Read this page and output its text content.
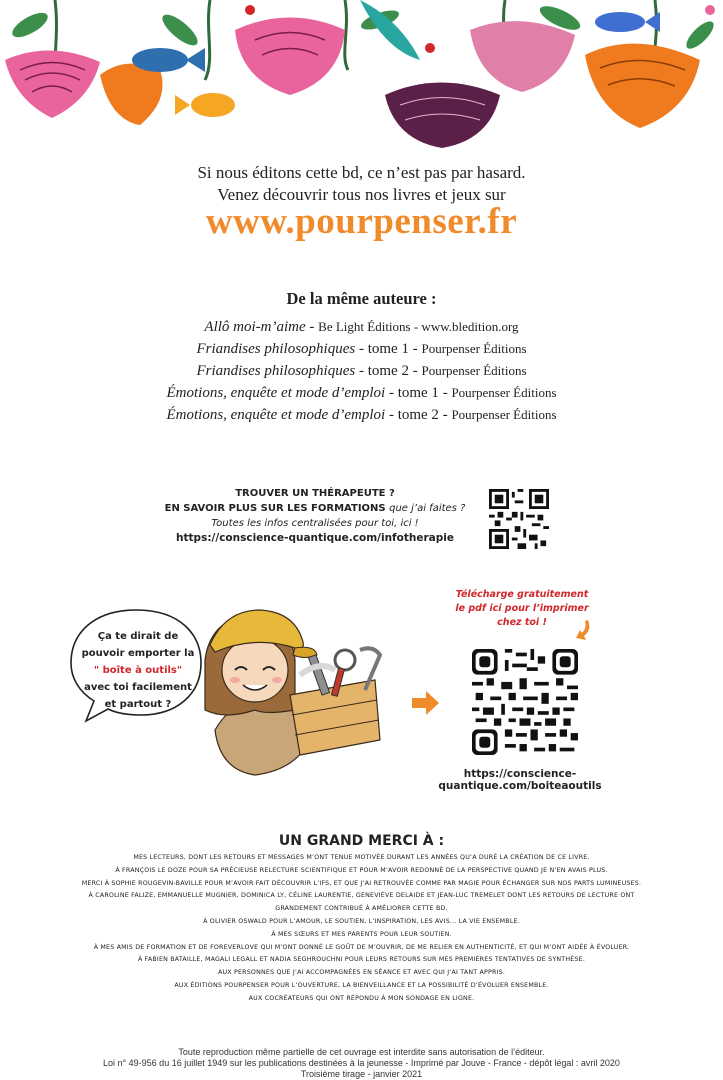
Si nous éditons cette bd, ce n’est pas par hasard.
Venez découvrir tous nos livres et jeux sur
www.pourpenser.fr
De la même auteure :
Allô moi-m’aime - Be Light Éditions - www.bledition.org
Friandises philosophiques - tome 1 - Pourpenser Éditions
Friandises philosophiques - tome 2 - Pourpenser Éditions
Émotions, enquête et mode d’emploi - tome 1 - Pourpenser Éditions
Émotions, enquête et mode d’emploi - tome 2 - Pourpenser Éditions
TROUVER UN THÉRAPEUTE ?
EN SAVOIR PLUS SUR LES FORMATIONS que j’ai faites ?
Toutes les infos centralisées pour toi, ici !
https://conscience-quantique.com/infotherapie
Ça te dirait de
pouvoir emporter la
" boîte à outils"
avec toi facilement
et partout ?
Télécharge gratuitement
le pdf ici pour l’imprimer
chez toi !
https://conscience-quantique.com/boiteaoutils
UN GRAND MERCI À :
MES LECTEURS, DONT LES RETOURS ET MESSAGES M’ONT TENUE MOTIVÉE DURANT LES ANNÉES QU’A DURÉ LA CRÉATION DE CE LIVRE.
À FRANÇOIS LE DOZE POUR SA PRÉCIEUSE RELECTURE SCIENTIFIQUE ET POUR M’AVOIR REDONNÉ DE LA PERSPECTIVE QUAND JE N’EN AVAIS PLUS.
MERCI À SOPHIE ROUGEVIN-BAVILLE POUR M’AVOIR FAIT DÉCOUVRIR L’IFS, ET QUE J’AI RETROUVÉE COMME PAR MAGIE POUR ÉCHANGER SUR NOS PARTS LUMINEUSES.
À CAROLINE FALIZE, EMMANUELLE MUGNIER, DOMINICA LY, CÉLINE LAURENTIE, GENEVIÈVE DELAIDE ET JEAN-LUC TREMELET DONT LES RETOURS DE LECTURE ONT
GRANDEMENT CONTRIBUÉ À AMÉLIORER CETTE BD.
À OLIVIER OSWALD POUR L’AMOUR, LE SOUTIEN, L’INSPIRATION, LES AVIS... LA VIE ENSEMBLE.
À MES SŒURS ET MES PARENTS POUR LEUR SOUTIEN.
À MES AMIS DE FORMATION ET DE FOREVERLOVE QUI M’ONT DONNÉ LE GOÛT DE M’OUVRIR, DE ME RELIER EN AUTHENTICITÉ, ET QUI M’ONT AIDÉE À ÉVOLUER.
À FABIEN BATAILLE, MAGALI LEGALL ET NADIA SEGHROUCHNI POUR LEURS RETOURS SUR MES PREMIÈRES TENTATIVES DE SYNTHÈSE.
AUX PERSONNES QUE J’AI ACCOMPAGNÉES EN SÉANCE ET AVEC QUI J’AI TANT APPRIS.
AUX ÉDITIONS POURPENSER POUR L’OUVERTURE, LA BIENVEILLANCE ET LA POSSIBILITÉ D’ÉVOLUER ENSEMBLE.
AUX COCRÉATEURS QUI ONT RÉPONDU À MON SONDAGE EN LIGNE.
Toute reproduction même partielle de cet ouvrage est interdite sans autorisation de l’éditeur.
Loi n° 49-956 du 16 juillet 1949 sur les publications destinées à la jeunesse - Imprimé par Jouve - France - dépôt légal : avril 2020
Troisième tirage - janvier 2021
